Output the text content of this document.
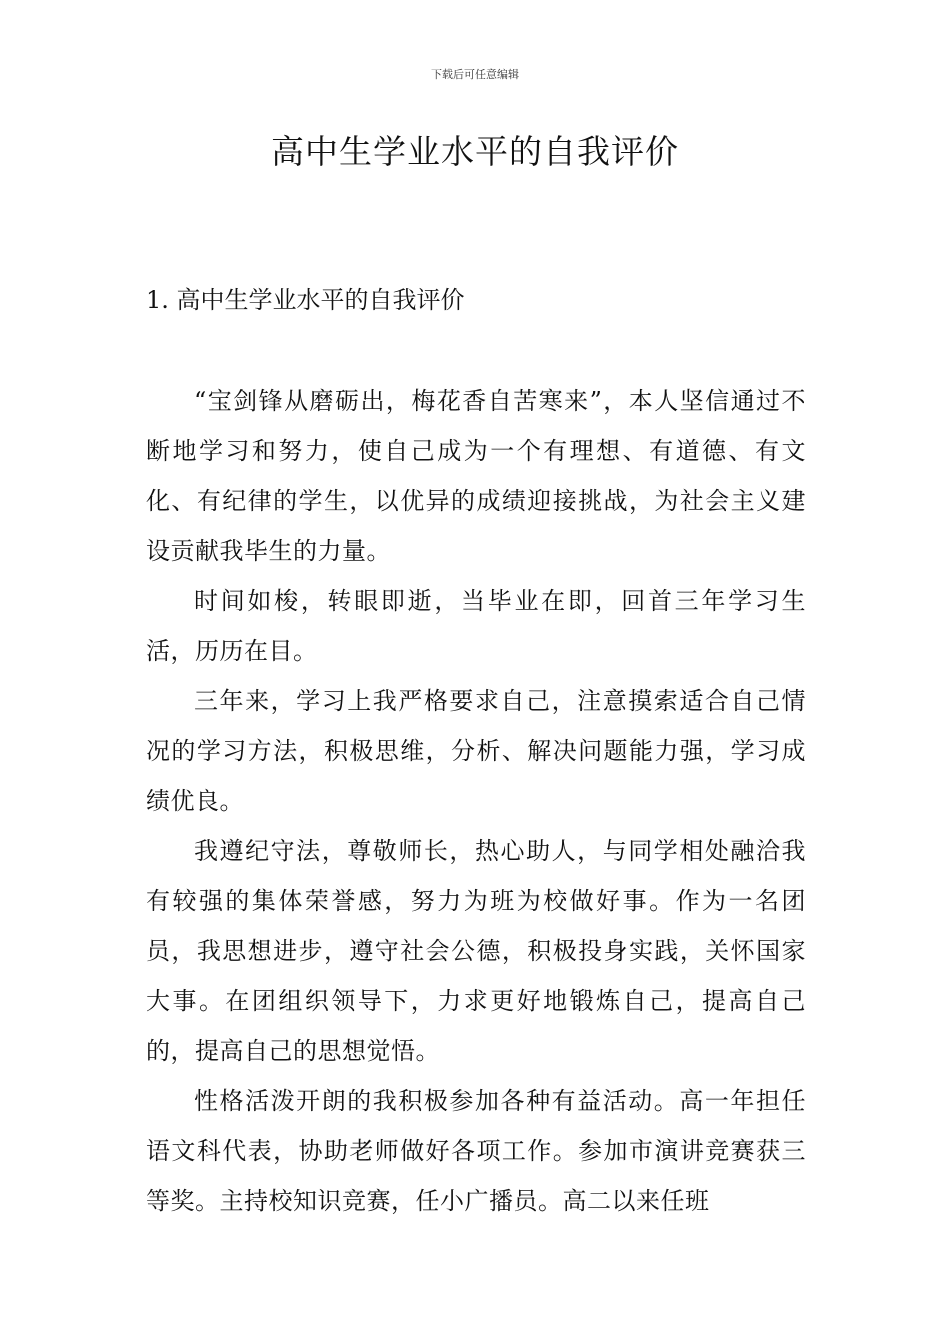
下载后可任意编辑
高中生学业水平的自我评价
1. 高中生学业水平的自我评价

“宝剑锋从磨砺出，梅花香自苦寒来”，本人坚信通过不断地学习和努力，使自己成为一个有理想、有道德、有文化、有纪律的学生，以优异的成绩迎接挑战，为社会主义建设贡献我毕生的力量。

时间如梭，转眼即逝，当毕业在即，回首三年学习生活，历历在目。

三年来，学习上我严格要求自己，注意摸索适合自己情况的学习方法，积极思维，分析、解决问题能力强，学习成绩优良。

我遵纪守法，尊敬师长，热心助人，与同学相处融洽我有较强的集体荣誉感，努力为班为校做好事。作为一名团员，我思想进步，遵守社会公德，积极投身实践，关怀国家大事。在团组织领导下，力求更好地锻炼自己，提高自己的，提高自己的思想觉悟。

性格活泼开朗的我积极参加各种有益活动。高一年担任语文科代表，协助老师做好各项工作。参加市演讲竞赛获三等奖。主持校知识竞赛，任小广播员。高二以来任班
